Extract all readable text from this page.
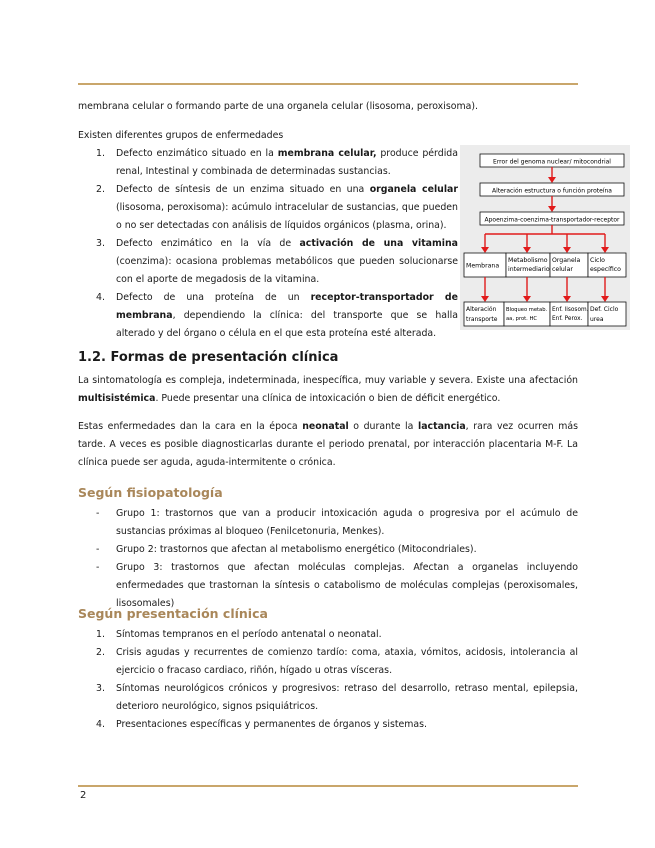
membrana celular o formando parte de una organela celular (lisosoma, peroxisoma).
Existen diferentes grupos de enfermedades
1. Defecto enzimático situado en la membrana celular, produce pérdida renal, Intestinal y combinada de determinadas sustancias.
2. Defecto de síntesis de un enzima situado en una organela celular (lisosoma, peroxisoma): acúmulo intracelular de sustancias, que pueden o no ser detectadas con análisis de líquidos orgánicos (plasma, orina).
3. Defecto enzimático en la vía de activación de una vitamina (coenzima): ocasiona problemas metabólicos que pueden solucionarse con el aporte de megadosis de la vitamina.
4. Defecto de una proteína de un receptor-transportador de membrana, dependiendo la clínica: del transporte que se halla alterado y del órgano o célula en el que esta proteína esté alterada.
Error del genoma nuclear/ mitocondrial
Alteración estructura o función proteína
Apoenzima-coenzima-transportador-receptor
Membrana
Metabolismo
intermediario
Organela
celular
Ciclo
específico
Alteración
transporte
Bloqueo metab.
aa, prot. HC
Enf. lisosom.
Enf. Perox.
Def. Ciclo
urea
1.2. Formas de presentación clínica
La sintomatología es compleja, indeterminada, inespecífica, muy variable y severa. Existe una afectación multisistémica. Puede presentar una clínica de intoxicación o bien de déficit energético.
Estas enfermedades dan la cara en la época neonatal o durante la lactancia, rara vez ocurren más tarde. A veces es posible diagnosticarlas durante el periodo prenatal, por interacción placentaria M-F. La clínica puede ser aguda, aguda-intermitente o crónica.
Según fisiopatología
- Grupo 1: trastornos que van a producir intoxicación aguda o progresiva por el acúmulo de sustancias próximas al bloqueo (Fenilcetonuria, Menkes).
- Grupo 2: trastornos que afectan al metabolismo energético (Mitocondriales).
- Grupo 3: trastornos que afectan moléculas complejas. Afectan a organelas incluyendo enfermedades que trastornan la síntesis o catabolismo de moléculas complejas (peroxisomales, lisosomales)
Según presentación clínica
1. Síntomas tempranos en el período antenatal o neonatal.
2. Crisis agudas y recurrentes de comienzo tardío: coma, ataxia, vómitos, acidosis, intolerancia al ejercicio o fracaso cardiaco, riñón, hígado u otras vísceras.
3. Síntomas neurológicos crónicos y progresivos: retraso del desarrollo, retraso mental, epilepsia, deterioro neurológico, signos psiquiátricos.
4. Presentaciones específicas y permanentes de órganos y sistemas.
2
